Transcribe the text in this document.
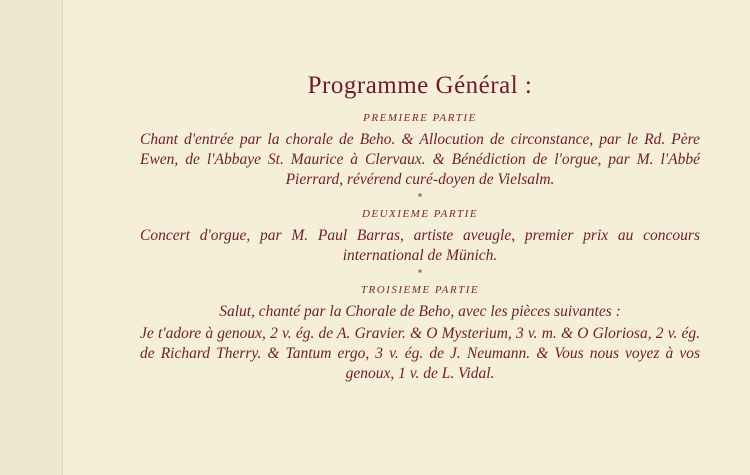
Programme Général :
PREMIERE PARTIE

Chant d'entrée par la chorale de Beho. & Allocution de circonstance, par le Rd. Père Ewen, de l'Abbaye St. Maurice à Clervaux. & Bénédiction de l'orgue, par M. l'Abbé Pierrard, révérend curé-doyen de Vielsalm.

*
DEUXIEME PARTIE

Concert d'orgue, par M. Paul Barras, artiste aveugle, premier prix au concours international de Münich.

*
TROISIEME PARTIE

Salut, chanté par la Chorale de Beho, avec les pièces suivantes :

Je t'adore à genoux, 2 v. ég. de A. Gravier. & O Mysterium, 3 v. m. & O Gloriosa, 2 v. ég. de Richard Therry. & Tantum ergo, 3 v. ég. de J. Neumann. & Vous nous voyez à vos genoux, 1 v. de L. Vidal.
